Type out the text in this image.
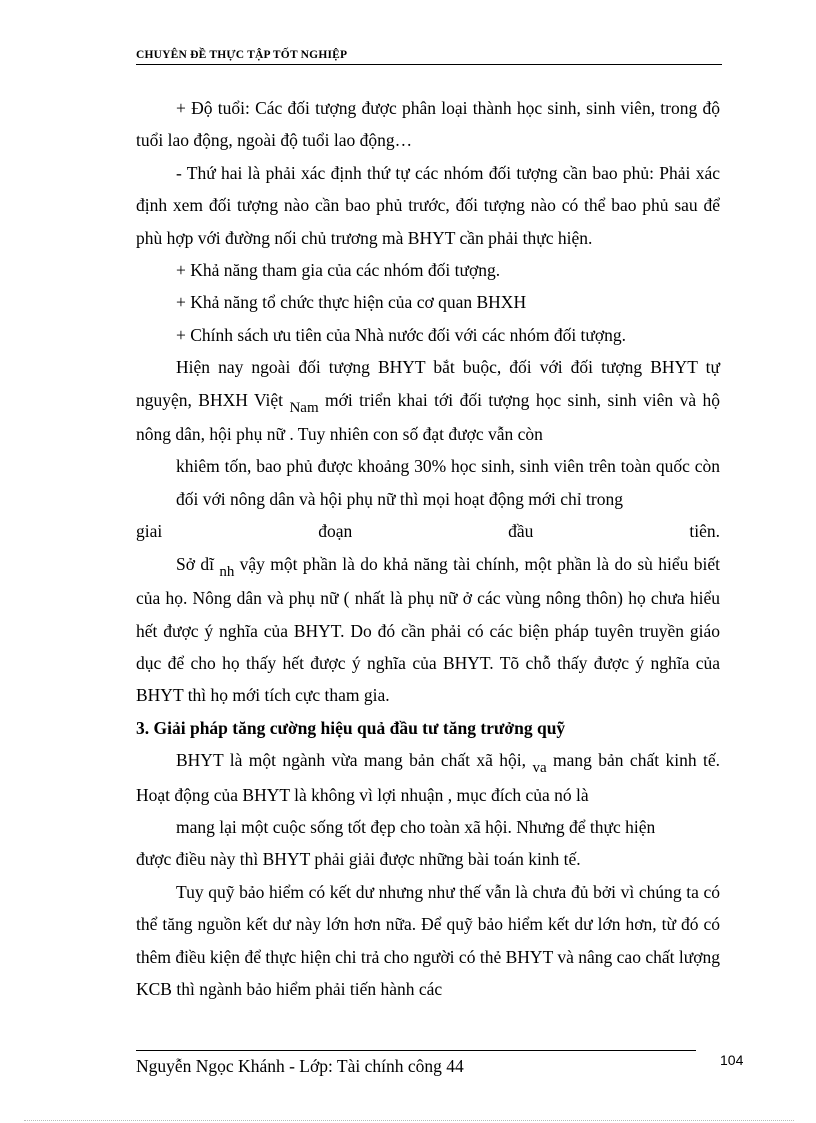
CHUYÊN ĐỀ THỰC TẬP TỐT NGHIỆP

+ Độ tuổi: Các đối tượng được phân loại thành học sinh, sinh viên, trong độ tuổi lao động, ngoài độ tuổi lao động…

- Thứ hai là phải xác định thứ tự các nhóm đối tượng cần bao phủ: Phải xác định xem đối tượng nào cần bao phủ trước, đối tượng nào có thể bao phủ sau để phù hợp với đường nối chủ trương mà BHYT cần phải thực hiện.

+ Khả năng tham gia của các nhóm đối tượng.

+ Khả năng tổ chức thực hiện của cơ quan BHXH

+ Chính sách ưu tiên của Nhà nước đối với các nhóm đối tượng.

Hiện nay ngoài đối tượng BHYT bắt buộc, đối với đối tượng BHYT tự nguyện, BHXH Việt Nam mới triển khai tới đối tượng học sinh, sinh viên và hộ nông dân, hội phụ nữ . Tuy nhiên con số đạt được vẫn còn

khiêm tốn, bao phủ được khoảng 30% học sinh, sinh viên trên toàn quốc còn đối với nông dân và hội phụ nữ thì mọi hoạt động mới chỉ trong

giai	đoạn	đầu	tiên.

Sở dĩ nh vậy một phần là do khả năng tài chính, một phần là do sù hiểu biết của họ. Nông dân và phụ nữ ( nhất là phụ nữ ở các vùng nông thôn) họ chưa hiểu hết được ý nghĩa của BHYT. Do đó cần phải có các biện pháp tuyên truyền giáo dục để cho họ thấy hết được ý nghĩa của BHYT. Tõ chỗ thấy được ý nghĩa của BHYT thì họ mới tích cực tham gia.

3. Giải pháp tăng cường hiệu quả đầu tư tăng trưởng quỹ

BHYT là một ngành vừa mang bản chất xã hội, va mang bản chất kinh tế. Hoạt động của BHYT là không vì lợi nhuận , mục đích của nó là

mang lại một cuộc sống tốt đẹp cho toàn xã hội. Nhưng để thực hiện

được điều này thì BHYT phải giải được những bài toán kinh tế.

Tuy quỹ bảo hiểm có kết dư nhưng như thế vẫn là chưa đủ bởi vì chúng ta có thể tăng nguồn kết dư này lớn hơn nữa. Để quỹ bảo hiểm kết dư lớn hơn, từ đó có thêm điều kiện để thực hiện chi trả cho người có thẻ BHYT và nâng cao chất lượng KCB thì ngành bảo hiểm phải tiến hành các

Nguyễn Ngọc Khánh - Lớp: Tài chính công 44	104
